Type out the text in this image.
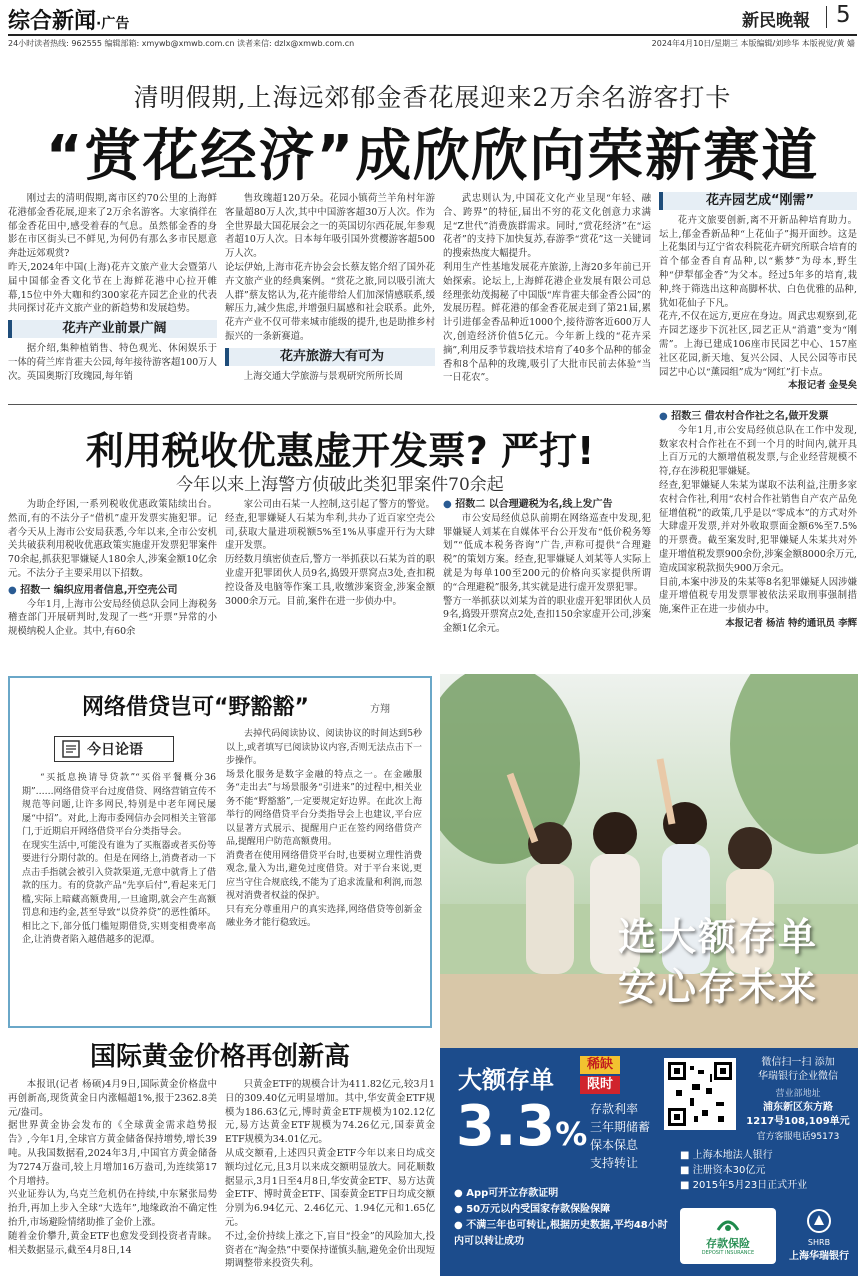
综合新闻·广告	新民晚報 5
24小时读者热线: 962555 编辑部箱: xmywb@xmwb.com.cn 读者来信: dzlx@xmwb.com.cn	2024年4月10日/星期三 本版编辑/刘珍华 本版视觉/黄 嫱
清明假期,上海远郊郁金香花展迎来2万余名游客打卡
“赏花经济”成欣欣向荣新赛道
刚过去的清明假期,离市区约70公里的上海鲜花港郁金香花展,迎来了2万余名游客。大家徜徉在郁金香花田中,感受着春的气息。虽然郁金香的身影在市区街头已不鲜见,为何仍有那么多市民愿意奔赴远郊观赏?
昨天,2024年中国(上海)花卉文旅产业大会暨第八届中国郁金香文化节在上海鲜花港中心拉开帷幕,15位中外大咖和约300家花卉园艺企业的代表共同探讨花卉文旅产业的新趋势和发展趋势。
花卉产业前景广阔
据介绍,集种植销售、特色观光、休闲娱乐于一体的荷兰库肯霍夫公园,每年接待游客超100万人次。英国奥斯汀玫瑰园,每年销
售玫瑰超120万朵。花园小镇荷兰羊角村年游客量超80万人次,其中中国游客超30万人次。作为全世界最大国花展会之一的英国切尔西花展,年参观者超10万人次。日本每年吸引国外赏樱游客超500万人次。
论坛伊始,上海市花卉协会会长蔡友铭介绍了国外花卉文旅产业的经典案例。“赏花之旅,同以吸引流大人群”蔡友铭认为,花卉能带给人们加深情感联系,缓解压力,减少焦虑,并增强归属感和社会联系。此外,花卉产业不仅可带来城市能级的提升,也是助推乡村振兴的一条新赛道。
花卉旅游大有可为
上海交通大学旅游与景观研究所所长周
武忠则认为,中国花文化产业呈现“年轻、融合、跨界”的特征,届出不穷的花文化创意力求满足“Z世代”消费族群需求。同时,“赏花经济”在“运花者”的支持下加快复苏,春游季“赏花”这一关键词的搜索热度大幅提升。
利用生产性基地发展花卉旅游,上海20多年前已开始探索。论坛上,上海鲜花港企业发展有限公司总经理张幼茂揭秘了中国版“库肯霍夫郁金香公园”的发展历程。鲜花港的郁金香花展走到了第21届,累计引进郁金香品种近1000个,接待游客近600万人次,创造经济价值5亿元。今年新上线的“花卉采摘”,利用反季节栽培技术培育了40多个品种的郁金香和8个品种的玫瑰,吸引了大批市民前去体验“当一日花农”。
花卉园艺成“刚需”
花卉文旅要创新,离不开新品种培育助力。坛上,郁金香新品种“上花仙子”揭开面纱。这是上花集团与辽宁省农科院花卉研究所联合培育的首个郁金香自育品种,以“紫梦”为母本,野生种“伊犁郁金香”为父本。经过5年多的培育,栽种,终于筛选出这种高脚杯状、白色优雅的品种,犹如花仙子下凡。
花卉,不仅在远方,更应在身边。周武忠观察到,花卉园艺逐步下沉社区,园艺正从“消遣”变为“刚需”。上海已建成106座市民园艺中心、157座社区花园,新天地、复兴公园、人民公园等市民园艺中心以“薰园组”成为“网红”打卡点。
本报记者 金旻矣
利用税收优惠虚开发票? 严打!
今年以来上海警方侦破此类犯罪案件70余起
为助企纾困,一系列税收优惠政策陆续出台。然而,有的不法分子“借机”虚开发票实施犯罪。记者今天从上海市公安局获悉,今年以来,全市公安机关共破获利用税收优惠政策实施虚开发票犯罪案件70余起,抓获犯罪嫌疑人180余人,涉案金额10亿余元。不法分子主要采用以下招数。
● 招数一 编织应用者信息,开空壳公司
今年1月,上海市公安局经侦总队会同上海税务稽查部门开展研判时,发现了一些“开票”异常的小规模纳税人企业。其中,有60余
家公司由石某一人控制,这引起了警方的警觉。经查,犯罪嫌疑人石某为牟利,共办了近百家空壳公司,获取大量进项税额5%至1%从事虚开行为大肆虚开发票。
历经数月缜密侦查后,警方一举抓获以石某为首的职业虚开犯罪团伙人员9名,捣毁开票窝点3处,查扣税控设备及电脑等作案工具,收缴涉案资金,涉案金额3000余万元。目前,案件在进一步侦办中。
● 招数二 以合理避税为名,线上发广告
市公安局经侦总队前期在网络巡查中发现,犯罪嫌疑人刘某在自媒体平台公开发布“低价税务筹划”“低成本税务咨询”广告,声称可提供“合理避税”的策划方案。经查,犯罪嫌疑人刘某等人实际上就是为每单100至200元的价格向买家提供所谓的“合理避税”服务,其实就是进行虚开发票犯罪。
警方一举抓获以刘某为首的职业虚开犯罪团伙人员9名,捣毁开票窝点2处,查扣150余家虚开公司,涉案金额1亿余元。
● 招数三 借农村合作社之名,做开发票
今年1月,市公安局经侦总队在工作中发现,数家农村合作社在不到一个月的时间内,就开具上百万元的大额增值税发票,与企业经营规模不符,存在涉税犯罪嫌疑。
经查,犯罪嫌疑人朱某为谋取不法利益,注册多家农村合作社,利用“农村合作社销售自产农产品免征增值税”的政策,几乎是以“零成本”的方式对外大肆虚开发票,并对外收取票面金额6%至7.5%的开票费。截至案发时,犯罪嫌疑人朱某共对外虚开增值税发票900余份,涉案金额8000余万元,造成国家税款损失900万余元。
目前,本案中涉及的朱某等8名犯罪嫌疑人因涉嫌虚开增值税专用发票罪被依法采取刑事强制措施,案件正在进一步侦办中。
本报记者 杨洁 特约通讯员 李辉
网络借贷岂可“野豁豁”	方翔
今日论语
“买抵息换请导贷款”“买俗平餐概分36期”……网络借贷平台过度借贷、网络营销宣传不规范等问题,让许多网民,特别是中老年网民屡屡“中招”。对此,上海市委网信办会同相关主管部门,于近期启开网络借贷平台分类指导会。
在现实生活中,可能没有谁为了买瓶器或者买份等要进行分期付款的。但是在网络上,消费者动一下点击手指就会被引入贷款渠道,无意中就背上了借款的压力。有的贷款产品“先享后付”,看起来无门槛,实际上暗藏高额费用,一旦逾期,就会产生高额罚息和违约金,甚至导致“以贷养贷”的恶性循环。相比之下,部分低门槛短期借贷,实则变相费率高企,让消费者陷入越借越多的泥潭。
去掉代码阅读协议、阅读协议的时间达到5秒以上,或者填写已阅读协议内容,否则无法点击下一步操作。
场景化服务是数字金融的特点之一。在金融服务“走出去”与场景服务“引进来”的过程中,相关业务不能“野豁豁”,一定要规定好边界。在此次上海举行的网络借贷平台分类指导会上也建议,平台应以显著方式展示、提醒用户正在签约网络借贷产品,提醒用户防范高额费用。
消费者在使用网络借贷平台时,也要树立理性消费观念,量入为出,避免过度借贷。对于平台来说,更应当守住合规底线,不能为了追求流量和利润,而忽视对消费者权益的保护。
只有充分尊重用户的真实选择,网络借贷等创新金融业务才能行稳致远。
国际黄金价格再创新高
本报讯(记者 杨硕)4月9日,国际黄金价格盘中再创新高,现货黄金日内涨幅超1%,报于2362.8美元/盎司。
据世界黄金协会发布的《全球黄金需求趋势报告》,今年1月,全球官方黄金储备保持增势,增长39吨。从我国数据看,2024年3月,中国官方黄金储备为7274万盎司,较上月增加16万盎司,为连续第17个月增持。
兴业证券认为,乌克兰危机仍在持续,中东紧张局势抬升,再加上步入全球“大选年”,地缘政治不确定性抬升,市场避险情绪助推了金价上涨。
随着金价攀升,黄金ETF也愈发受到投资者青睐。相关数据显示,截至4月8日,14
只黄金ETF的规模合计为411.82亿元,较3月1日的309.40亿元明显增加。其中,华安黄金ETF规模为186.63亿元,博时黄金ETF规模为102.12亿元,易方达黄金ETF规模为74.26亿元,国泰黄金ETF规模为34.01亿元。
从成交额看,上述四只黄金ETF今年以来日均成交额均过亿元,且3月以来成交额明显放大。同花顺数据显示,3月1日至4月8日,华安黄金ETF、易方达黄金ETF、博时黄金ETF、国泰黄金ETF日均成交额分别为6.94亿元、2.46亿元、1.94亿元和1.65亿元。
不过,金价持续上涨之下,盲目“投金”的风险加大,投资者在“淘金热”中要保持谨慎头脑,避免金价出现短期调整带来投资失利。
选大额存单
安心存未来
大额存单
稀缺
限时
3.3%
存款利率
三年期储蓄
保本保息
支持转让
微信扫一扫 添加
华瑞银行企业微信
营业部地址
浦东新区东方路
1217号108,109单元
官方客服电话95173
■ 上海本地法人银行
■ 注册资本30亿元
■ 2015年5月23日正式开业
● App可开立存款证明
● 50万元以内受国家存款保险保障
● 不满三年也可转让,根据历史数据,平均48小时内可以转让成功	存款保险
DEPOSIT INSURANCE
SHRB
上海华瑞银行
